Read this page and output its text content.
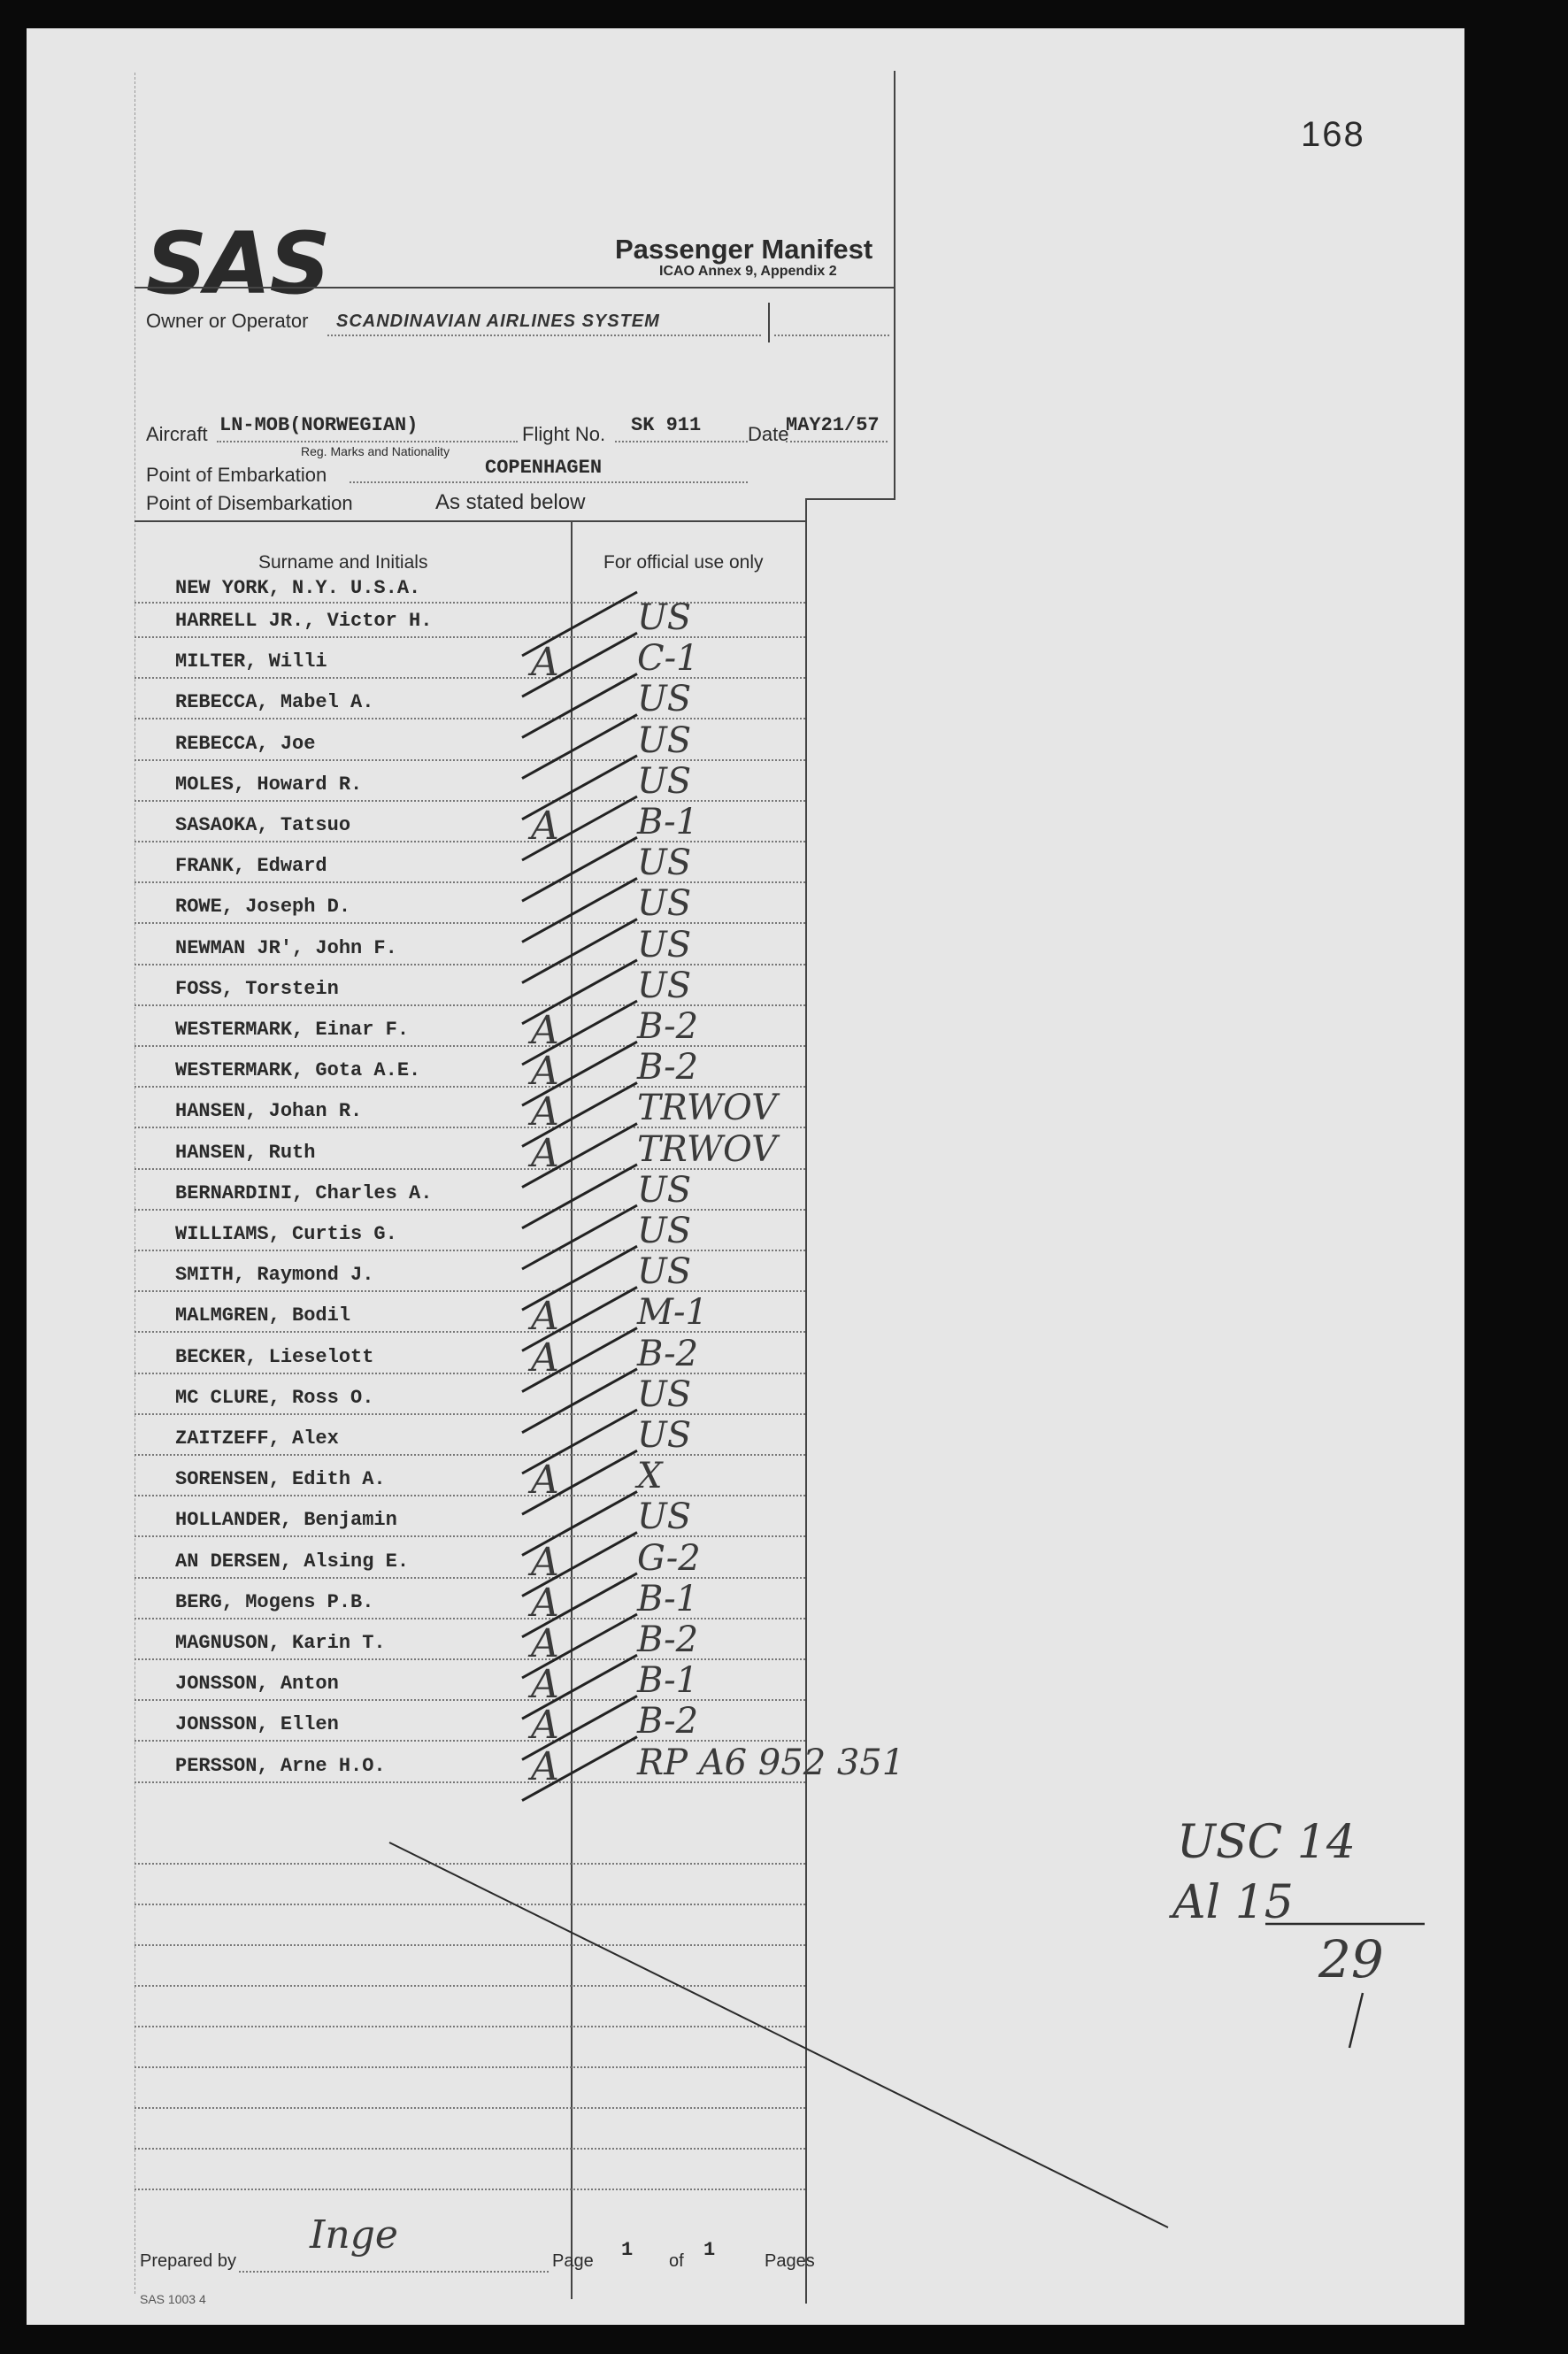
168
SAS	Passenger Manifest
ICAO Annex 9, Appendix 2
Owner or Operator SCANDINAVIAN AIRLINES SYSTEM
Aircraft LN-MOB(NORWEGIAN)
Reg. Marks and Nationality
Flight No. SK 911 Date
MAY21/57
Point of Embarkation	COPENHAGEN
Point of Disembarkation	As stated below
Surname and Initials	For official use only
NEW YORK, N.Y. U.S.A.
HARRELL JR., Victor H.	US
MILTER, Willi	A C-1
REBECCA, Mabel A.	US
REBECCA, Joe	US
MOLES, Howard R.	US
SASAOKA, Tatsuo	A B-1
FRANK, Edward	US
ROWE, Joseph D.	US
NEWMAN JR', John F.	US
FOSS, Torstein	US
WESTERMARK, Einar F.	A B-2
WESTERMARK, Gota A.E.	A B-2
HANSEN, Johan R.	A TRWOV
HANSEN, Ruth	A TRWOV
BERNARDINI, Charles A.	US
WILLIAMS, Curtis G.	US
SMITH, Raymond J.	US
MALMGREN, Bodil	A M-1
BECKER, Lieselott	A B-2
MC CLURE, Ross O.	US
ZAITZEFF, Alex	US
SORENSEN, Edith A.	A X
HOLLANDER, Benjamin	US
AN DERSEN, Alsing E.	A G-2
BERG, Mogens P.B.	A B-1
MAGNUSON, Karin T.	A B-2
JONSSON, Anton	A B-1
JONSSON, Ellen	A B-2
PERSSON, Arne H.O.	A RP A6 952 351
USC 14
Al 15
29
Prepared by
Inge
Page 1 of 1	Pages
SAS 1003 4
